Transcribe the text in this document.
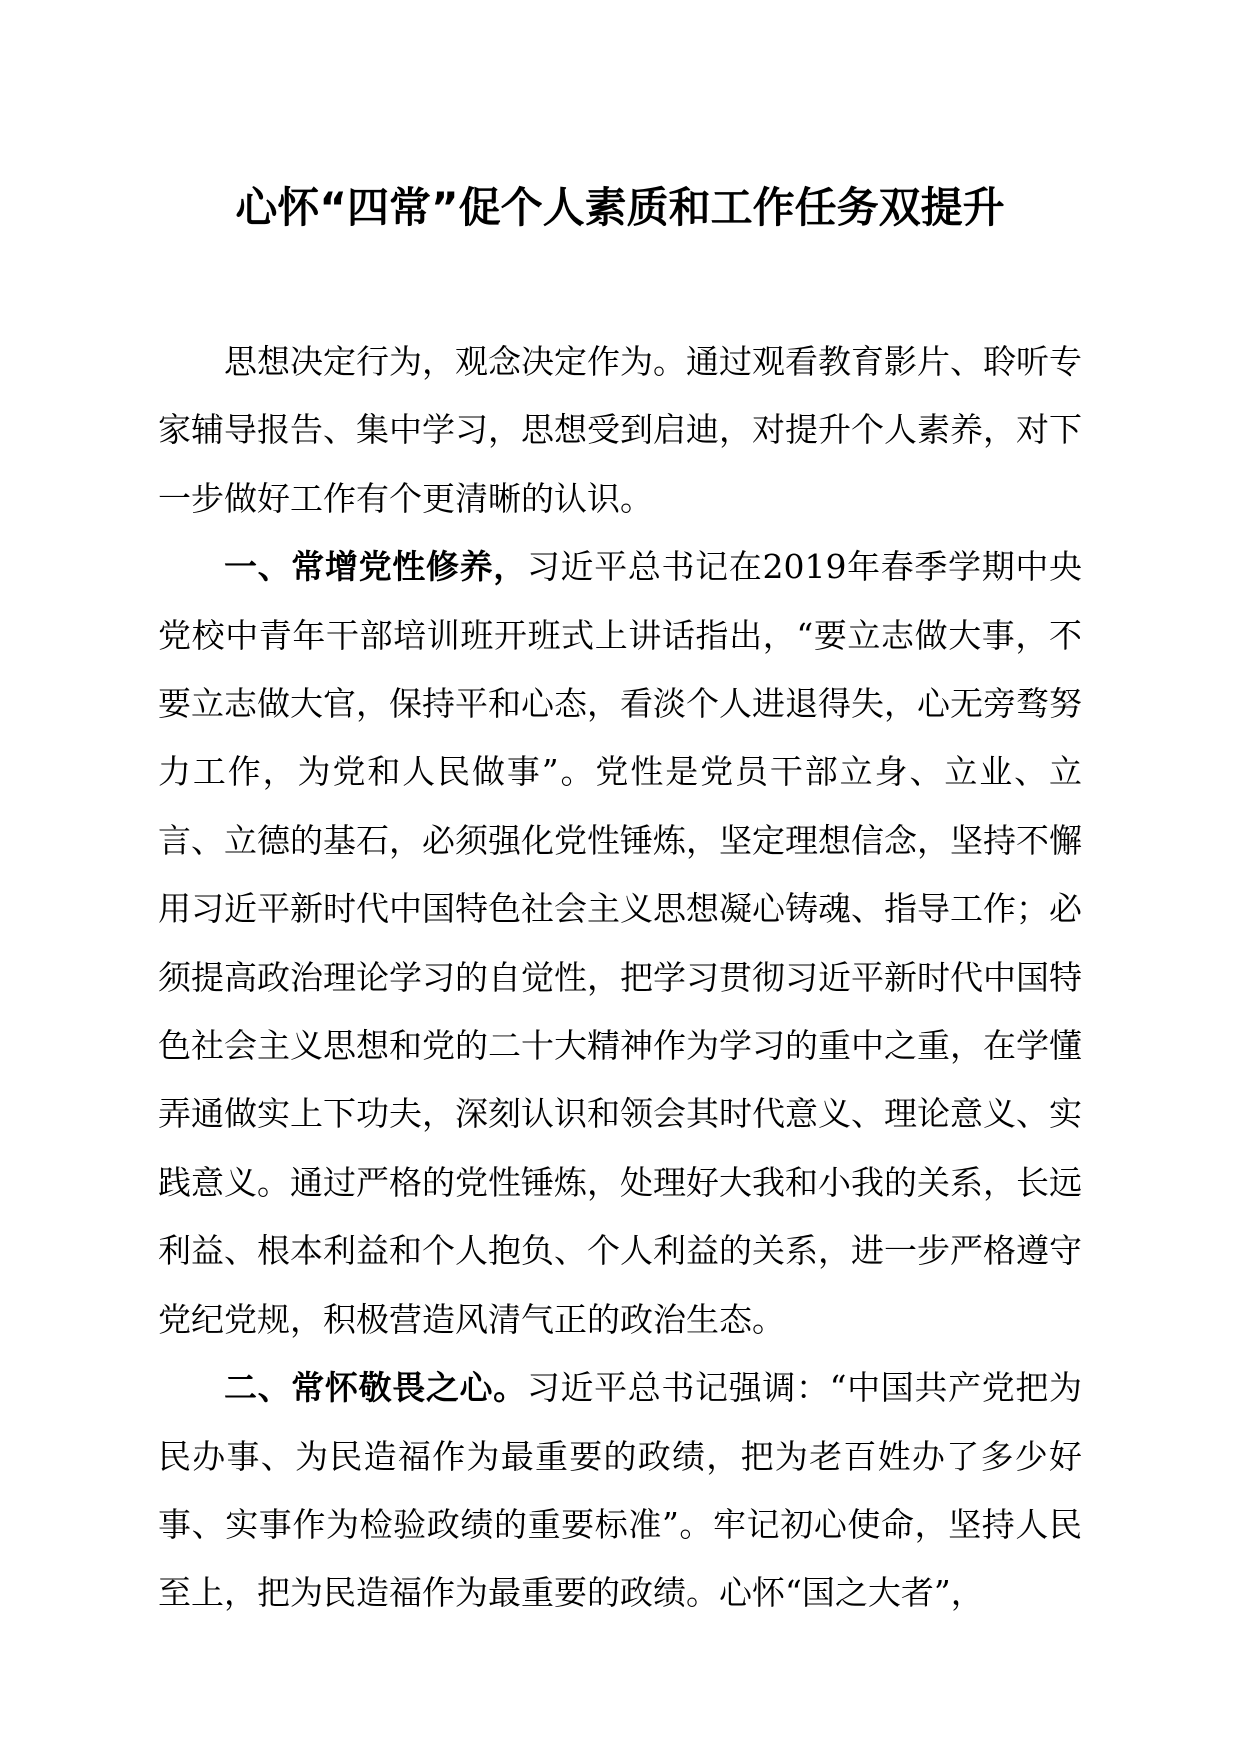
心怀“四常”促个人素质和工作任务双提升

思想决定行为，观念决定作为。通过观看教育影片、聆听专家辅导报告、集中学习，思想受到启迪，对提升个人素养，对下一步做好工作有个更清晰的认识。

一、常增党性修养，习近平总书记在2019年春季学期中央党校中青年干部培训班开班式上讲话指出，“要立志做大事，不要立志做大官，保持平和心态，看淡个人进退得失，心无旁骛努力工作，为党和人民做事”。党性是党员干部立身、立业、立言、立德的基石，必须强化党性锤炼，坚定理想信念，坚持不懈用习近平新时代中国特色社会主义思想凝心铸魂、指导工作；必须提高政治理论学习的自觉性，把学习贯彻习近平新时代中国特色社会主义思想和党的二十大精神作为学习的重中之重，在学懂弄通做实上下功夫，深刻认识和领会其时代意义、理论意义、实践意义。通过严格的党性锤炼，处理好大我和小我的关系，长远利益、根本利益和个人抱负、个人利益的关系，进一步严格遵守党纪党规，积极营造风清气正的政治生态。

二、常怀敬畏之心。习近平总书记强调：“中国共产党把为民办事、为民造福作为最重要的政绩，把为老百姓办了多少好事、实事作为检验政绩的重要标准”。牢记初心使命，坚持人民至上，把为民造福作为最重要的政绩。心怀“国之大者”，
